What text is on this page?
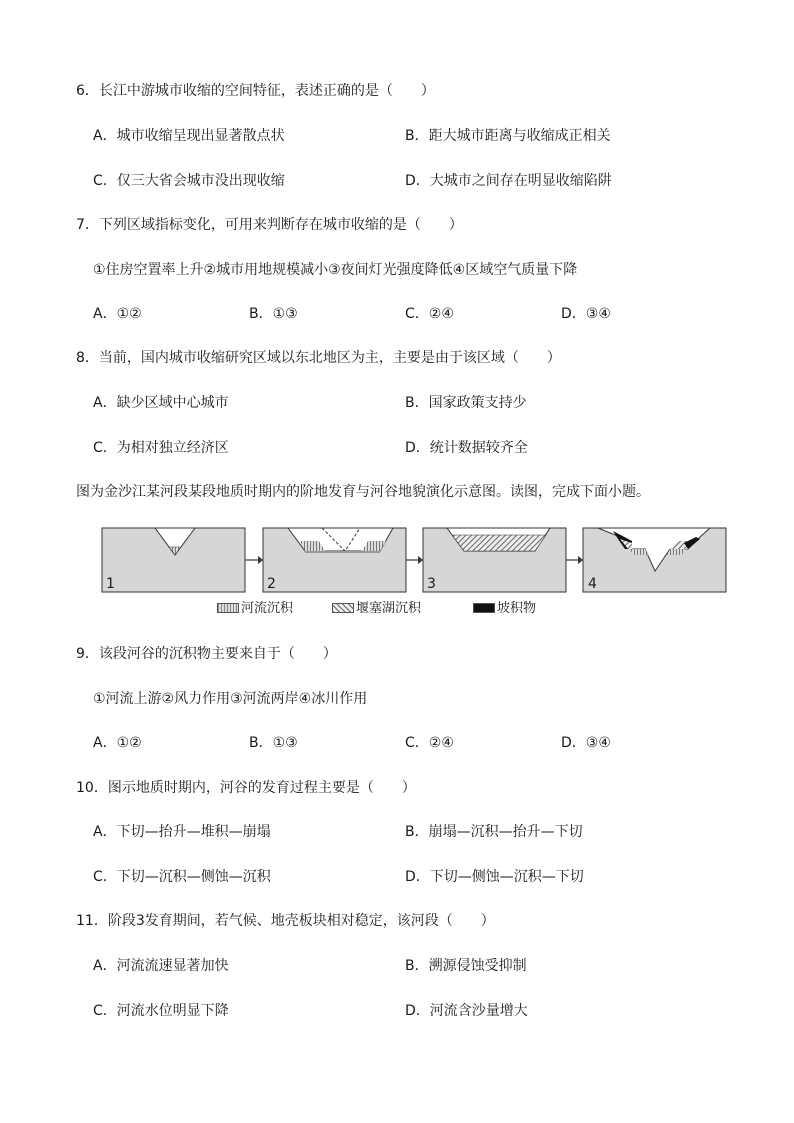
6．长江中游城市收缩的空间特征，表述正确的是（　　）
A．城市收缩呈现出显著散点状	B．距大城市距离与收缩成正相关
C．仅三大省会城市没出现收缩	D．大城市之间存在明显收缩陷阱
7．下列区域指标变化，可用来判断存在城市收缩的是（　　）
①住房空置率上升②城市用地规模减小③夜间灯光强度降低④区域空气质量下降
A．①②	B．①③	C．②④	D．③④
8．当前，国内城市收缩研究区域以东北地区为主，主要是由于该区域（　　）
A．缺少区域中心城市	B．国家政策支持少
C．为相对独立经济区	D．统计数据较齐全
图为金沙江某河段某段地质时期内的阶地发育与河谷地貌演化示意图。读图，完成下面小题。
1	2	3	4
河流沉积	堰塞湖沉积	坡积物
9．该段河谷的沉积物主要来自于（　　）
①河流上游②风力作用③河流两岸④冰川作用
A．①②	B．①③	C．②④	D．③④
10．图示地质时期内，河谷的发育过程主要是（　　）
A．下切—抬升—堆积—崩塌	B．崩塌—沉积—抬升—下切
C．下切—沉积—侧蚀—沉积	D．下切—侧蚀—沉积—下切
11．阶段3发育期间，若气候、地壳板块相对稳定，该河段（　　）
A．河流流速显著加快	B．溯源侵蚀受抑制
C．河流水位明显下降	D．河流含沙量增大
